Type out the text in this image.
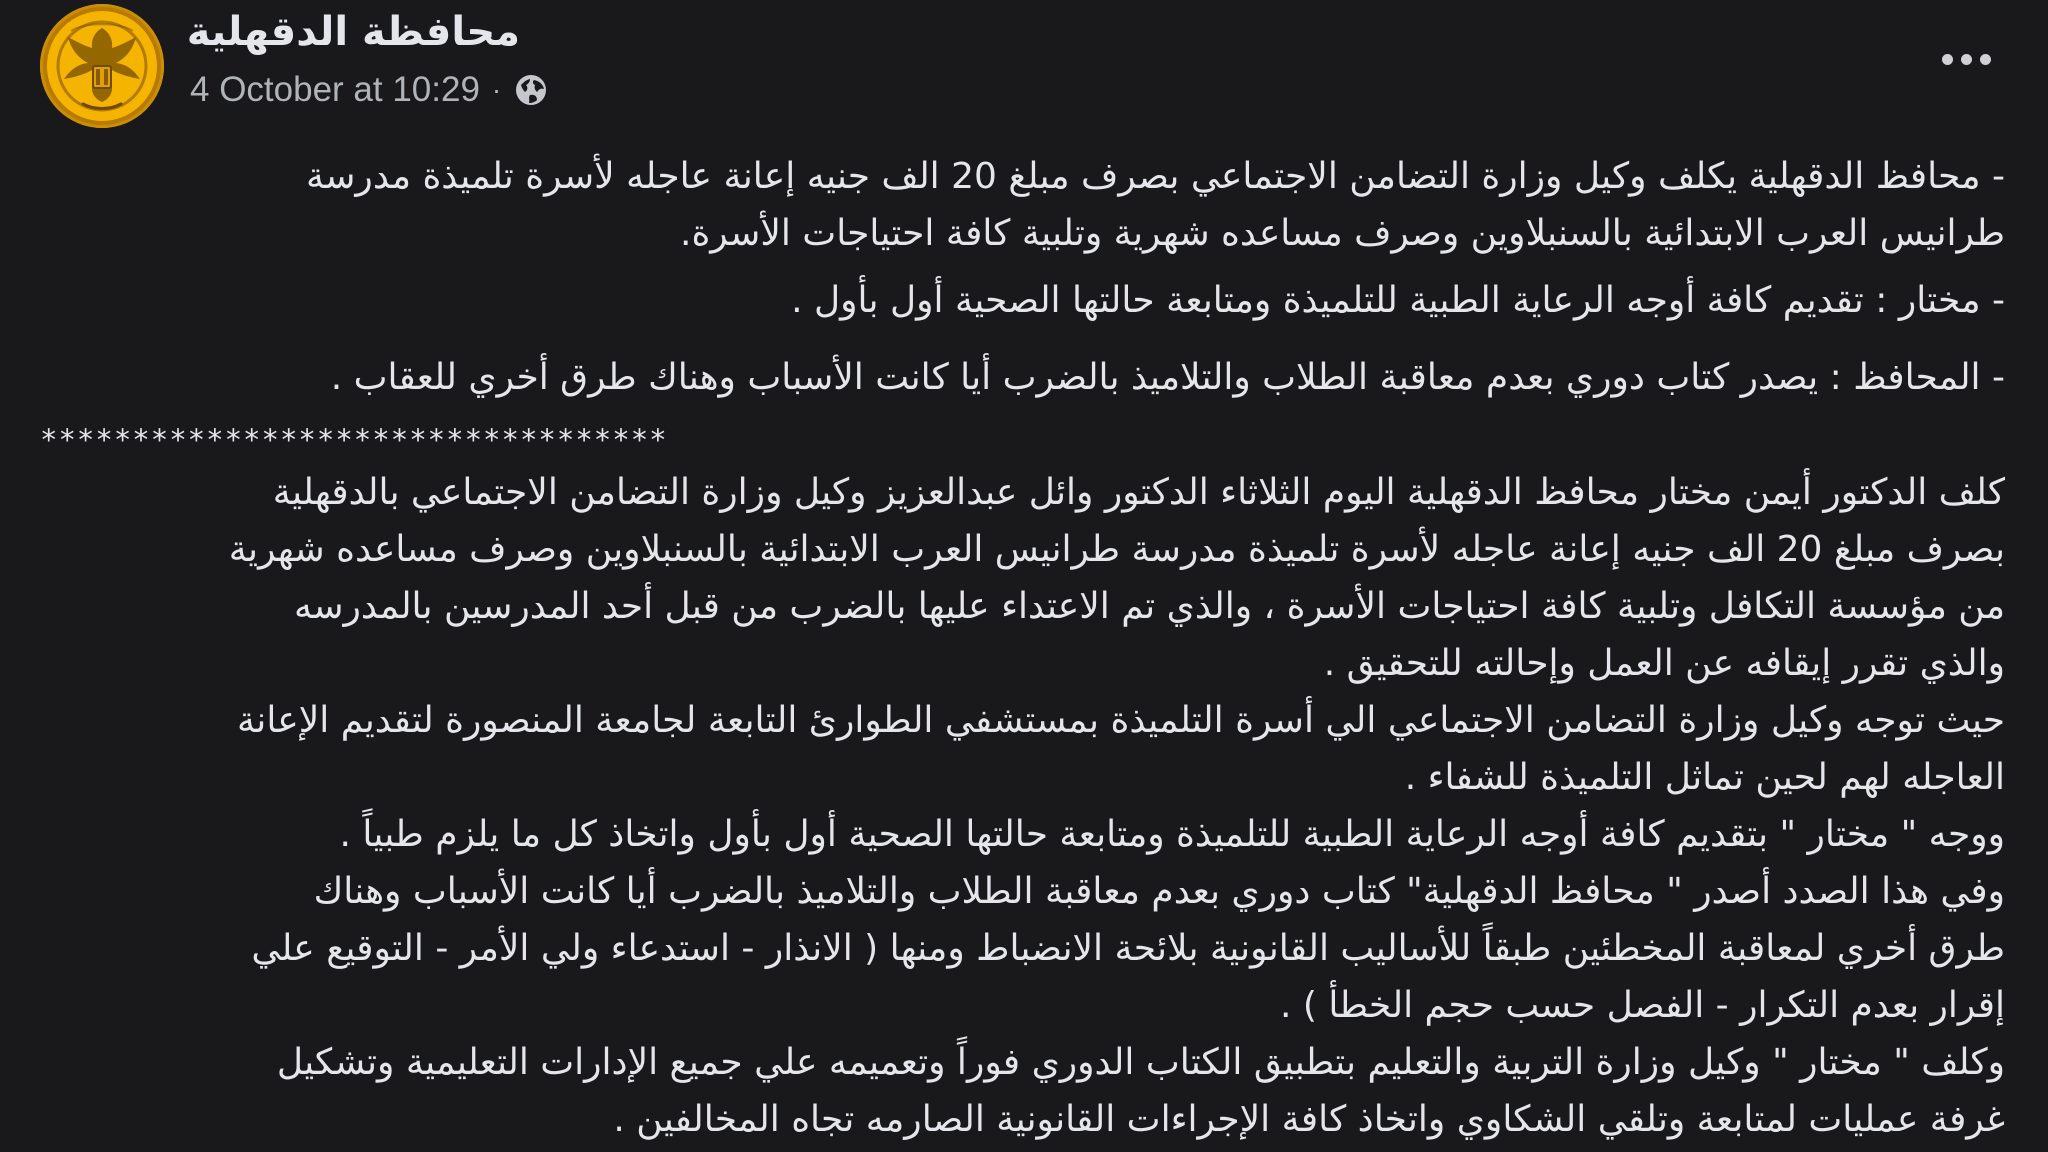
محافظة الدقهلية
4 October at 10:29 ·
- محافظ الدقهلية يكلف وكيل وزارة التضامن الاجتماعي بصرف مبلغ 20 الف جنيه إعانة عاجله لأسرة تلميذة مدرسة
طرانيس العرب الابتدائية بالسنبلاوين وصرف مساعده شهرية وتلبية كافة احتياجات الأسرة.
- مختار : تقديم كافة أوجه الرعاية الطبية للتلميذة ومتابعة حالتها الصحية أول بأول .
- المحافظ : يصدر كتاب دوري بعدم معاقبة الطلاب والتلاميذ بالضرب أيا كانت الأسباب وهناك طرق أخري للعقاب .
**********************************
كلف الدكتور أيمن مختار محافظ الدقهلية اليوم الثلاثاء الدكتور وائل عبدالعزيز وكيل وزارة التضامن الاجتماعي بالدقهلية
بصرف مبلغ 20 الف جنيه إعانة عاجله لأسرة تلميذة مدرسة طرانيس العرب الابتدائية بالسنبلاوين وصرف مساعده شهرية
من مؤسسة التكافل وتلبية كافة احتياجات الأسرة ، والذي تم الاعتداء عليها بالضرب من قبل أحد المدرسين بالمدرسه
والذي تقرر إيقافه عن العمل وإحالته للتحقيق .
حيث توجه وكيل وزارة التضامن الاجتماعي الي أسرة التلميذة بمستشفي الطوارئ التابعة لجامعة المنصورة لتقديم الإعانة
العاجله لهم لحين تماثل التلميذة للشفاء .
ووجه " مختار " بتقديم كافة أوجه الرعاية الطبية للتلميذة ومتابعة حالتها الصحية أول بأول واتخاذ كل ما يلزم طبياً .
وفي هذا الصدد أصدر " محافظ الدقهلية" كتاب دوري بعدم معاقبة الطلاب والتلاميذ بالضرب أيا كانت الأسباب وهناك
طرق أخري لمعاقبة المخطئين طبقاً للأساليب القانونية بلائحة الانضباط ومنها ( الانذار - استدعاء ولي الأمر - التوقيع علي
إقرار بعدم التكرار - الفصل حسب حجم الخطأ ) .
وكلف " مختار " وكيل وزارة التربية والتعليم بتطبيق الكتاب الدوري فوراً وتعميمه علي جميع الإدارات التعليمية وتشكيل
غرفة عمليات لمتابعة وتلقي الشكاوي واتخاذ كافة الإجراءات القانونية الصارمه تجاه المخالفين .
